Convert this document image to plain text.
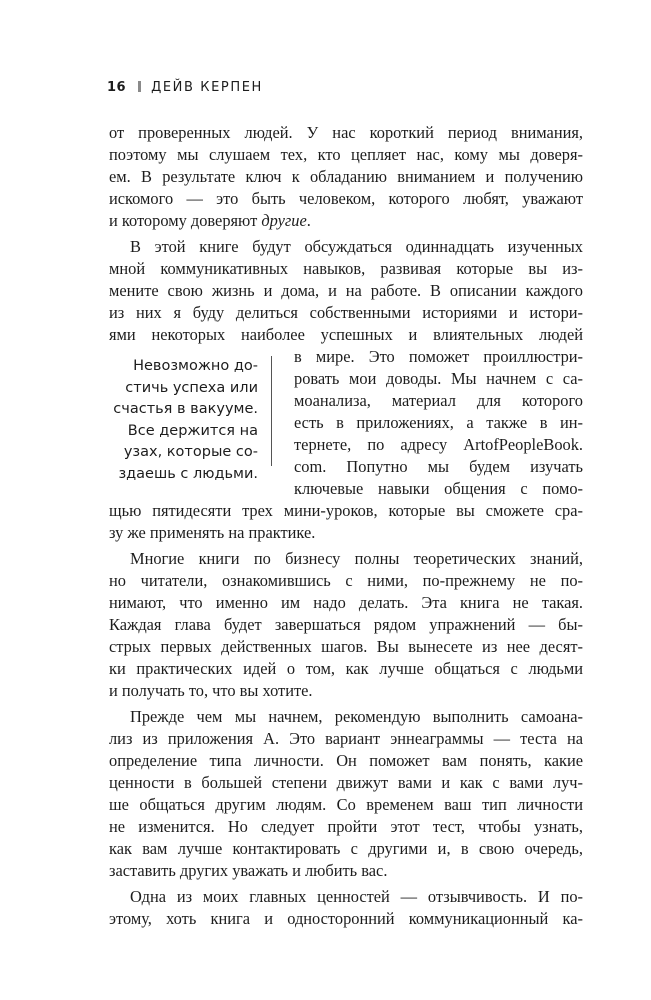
16 ДЕЙВ КЕРПЕН
от проверенных людей. У нас короткий период внимания,
поэтому мы слушаем тех, кто цепляет нас, кому мы доверя-
ем. В результате ключ к обладанию вниманием и получению
искомого — это быть человеком, которого любят, уважают
и которому доверяют другие.
В этой книге будут обсуждаться одиннадцать изученных
мной коммуникативных навыков, развивая которые вы из-
мените свою жизнь и дома, и на работе. В описании каждого
из них я буду делиться собственными историями и истори-
ями некоторых наиболее успешных и влиятельных людей
в мире. Это поможет проиллюстри-
ровать мои доводы. Мы начнем с са-
моанализа, материал для которого
есть в приложениях, а также в ин-
тернете, по адресу ArtofPeopleBook.
com. Попутно мы будем изучать
ключевые навыки общения с помо-
щью пятидесяти трех мини-уроков, которые вы сможете сра-
зу же применять на практике.
Невозможно до-
стичь успеха или
счастья в вакууме.
Все держится на
узах, которые со-
здаешь с людьми.
Многие книги по бизнесу полны теоретических знаний,
но читатели, ознакомившись с ними, по-прежнему не по-
нимают, что именно им надо делать. Эта книга не такая.
Каждая глава будет завершаться рядом упражнений — бы-
стрых первых действенных шагов. Вы вынесете из нее десят-
ки практических идей о том, как лучше общаться с людьми
и получать то, что вы хотите.
Прежде чем мы начнем, рекомендую выполнить самоана-
лиз из приложения А. Это вариант эннеаграммы — теста на
определение типа личности. Он поможет вам понять, какие
ценности в большей степени движут вами и как с вами луч-
ше общаться другим людям. Со временем ваш тип личности
не изменится. Но следует пройти этот тест, чтобы узнать,
как вам лучше контактировать с другими и, в свою очередь,
заставить других уважать и любить вас.
Одна из моих главных ценностей — отзывчивость. И по-
этому, хоть книга и односторонний коммуникационный ка-
